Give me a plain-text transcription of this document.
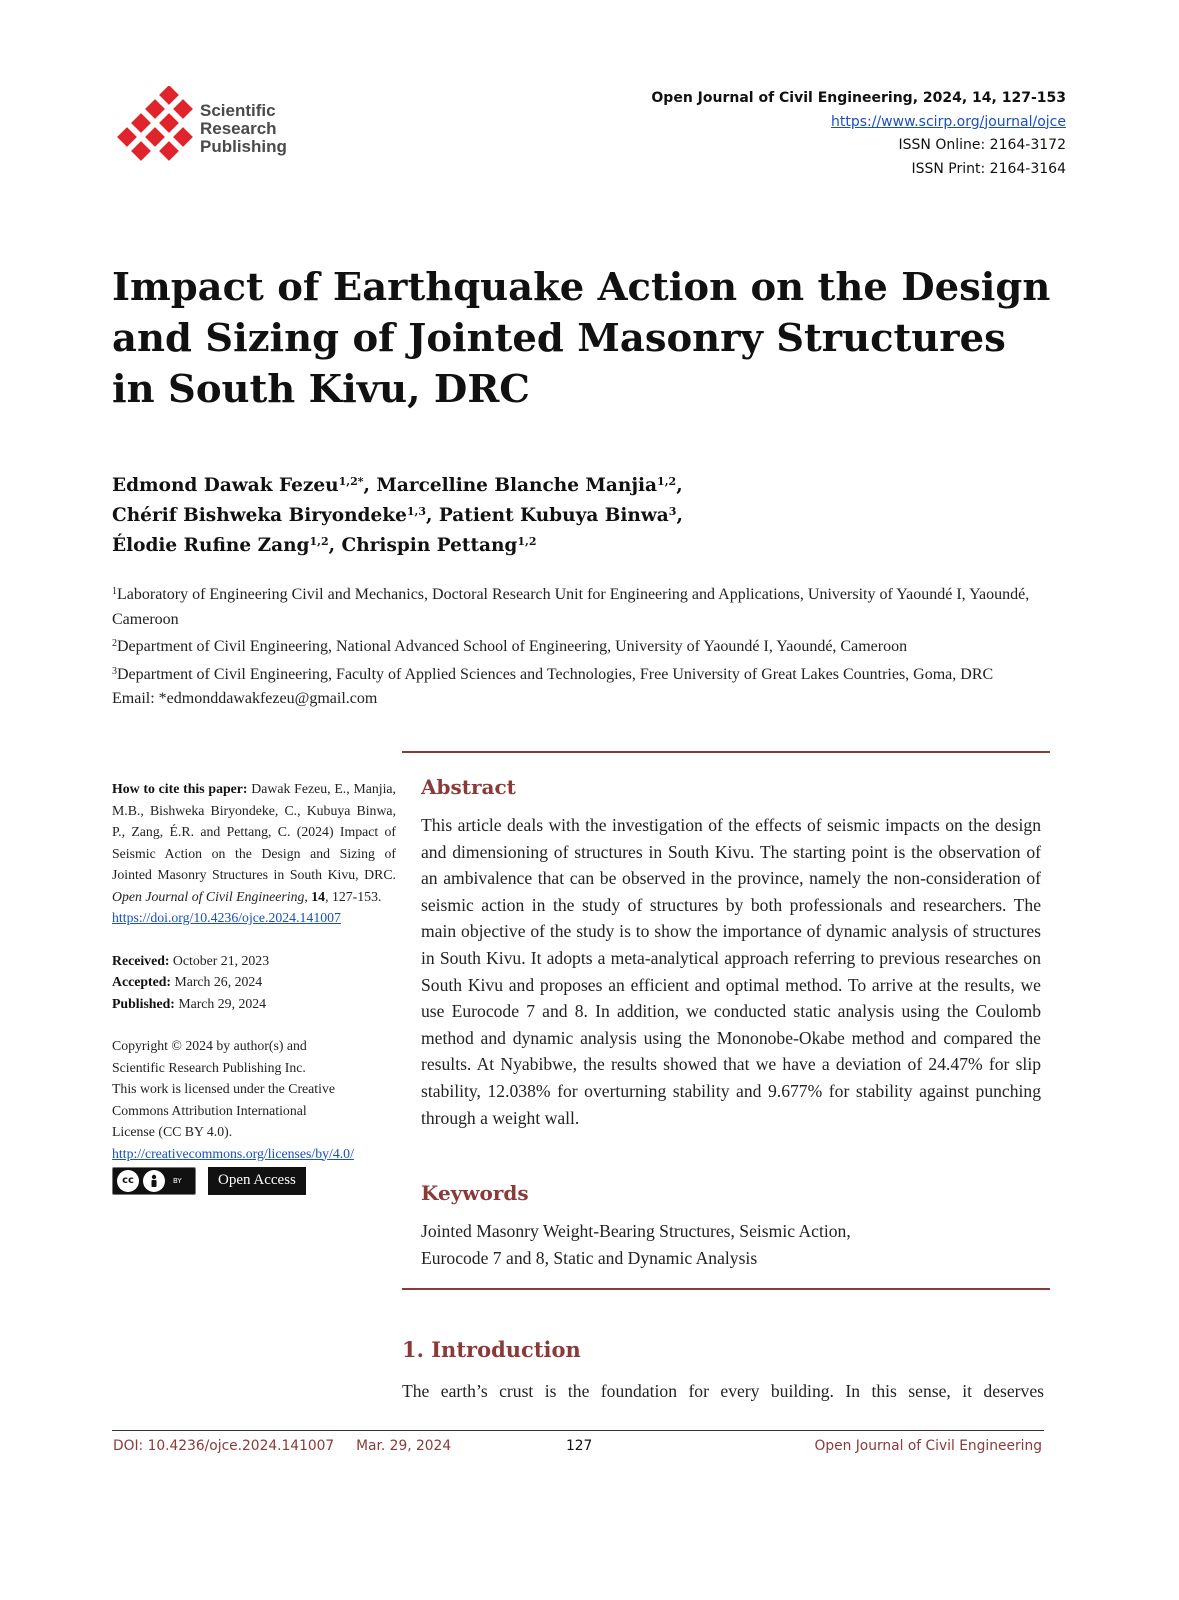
Scientific
Research
Publishing
Open Journal of Civil Engineering, 2024, 14, 127-153
https://www.scirp.org/journal/ojce
ISSN Online: 2164-3172
ISSN Print: 2164-3164
Impact of Earthquake Action on the Design
and Sizing of Jointed Masonry Structures
in South Kivu, DRC
Edmond Dawak Fezeu$^{1,2*}$, Marcelline Blanche Manjia$^{1,2}$,
Chérif Bishweka Biryondeke$^{1,3}$, Patient Kubuya Binwa$^3$,
Élodie Rufine Zang$^{1,2}$, Chrispin Pettang$^{1,2}$
$^1$Laboratory of Engineering Civil and Mechanics, Doctoral Research Unit for Engineering and Applications, University of Yaoundé I, Yaoundé, Cameroon
$^2$Department of Civil Engineering, National Advanced School of Engineering, University of Yaoundé I, Yaoundé, Cameroon
$^3$Department of Civil Engineering, Faculty of Applied Sciences and Technologies, Free University of Great Lakes Countries, Goma, DRC
Email: *edmonddawakfezeu@gmail.com
How to cite this paper: Dawak Fezeu, E., Manjia, M.B., Bishweka Biryondeke, C., Kubuya Binwa, P., Zang, É.R. and Pettang, C. (2024) Impact of Seismic Action on the Design and Sizing of Jointed Masonry Structures in South Kivu, DRC. Open Journal of Civil Engineering, 14, 127-153.
https://doi.org/10.4236/ojce.2024.141007
Received: October 21, 2023
Accepted: March 26, 2024
Published: March 29, 2024
Copyright © 2024 by author(s) and
Scientific Research Publishing Inc.
This work is licensed under the Creative
Commons Attribution International
License (CC BY 4.0).
http://creativecommons.org/licenses/by/4.0/
cc	BY	Open Access
Abstract
This article deals with the investigation of the effects of seismic impacts on the design and dimensioning of structures in South Kivu. The starting point is the observation of an ambivalence that can be observed in the province, namely the non-consideration of seismic action in the study of structures by both professionals and researchers. The main objective of the study is to show the importance of dynamic analysis of structures in South Kivu. It adopts a meta-analytical approach referring to previous researches on South Kivu and proposes an efficient and optimal method. To arrive at the results, we use Eurocode 7 and 8. In addition, we conducted static analysis using the Coulomb method and dynamic analysis using the Mononobe-Okabe method and compared the results. At Nyabibwe, the results showed that we have a deviation of 24.47% for slip stability, 12.038% for overturning stability and 9.677% for stability against punching through a weight wall.
Keywords
Jointed Masonry Weight-Bearing Structures, Seismic Action,
Eurocode 7 and 8, Static and Dynamic Analysis
1. Introduction
The earth’s crust is the foundation for every building. In this sense, it deserves
DOI: 10.4236/ojce.2024.141007 Mar. 29, 2024	127	Open Journal of Civil Engineering
